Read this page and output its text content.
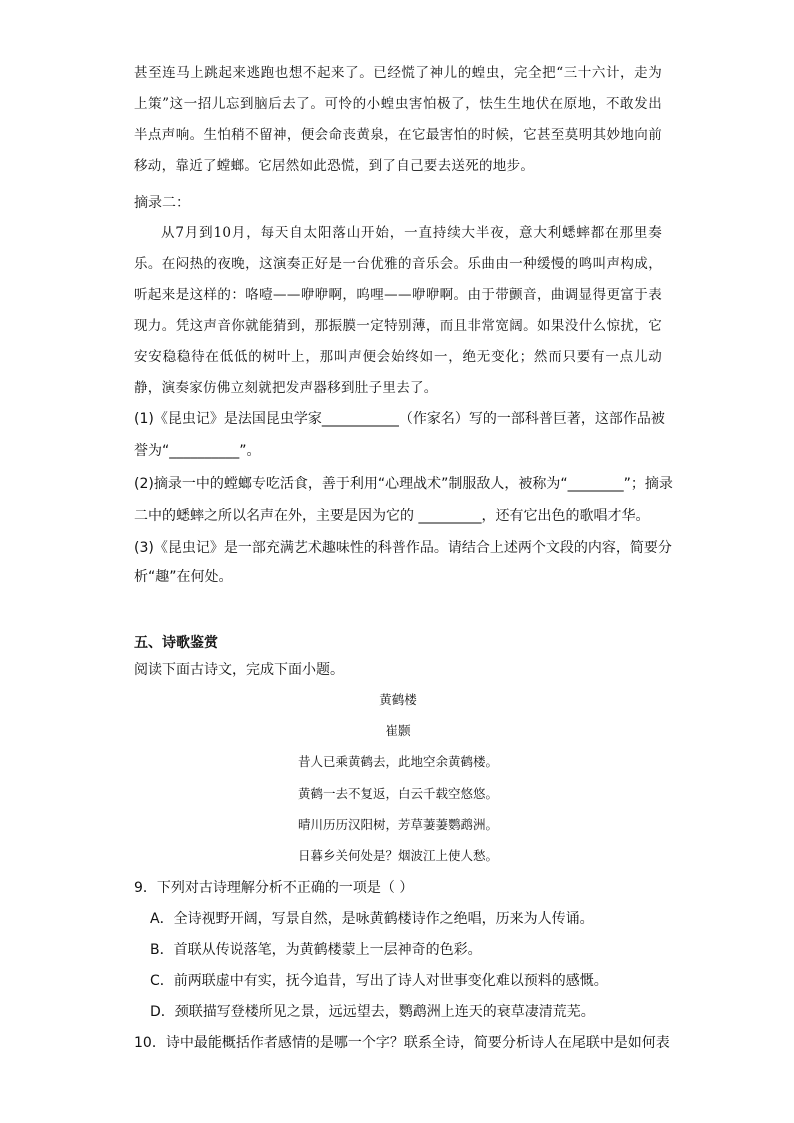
甚至连马上跳起来逃跑也想不起来了。已经慌了神儿的蝗虫，完全把“三十六计，走为上策”这一招儿忘到脑后去了。可怜的小蝗虫害怕极了，怯生生地伏在原地，不敢发出半点声响。生怕稍不留神，便会命丧黄泉，在它最害怕的时候，它甚至莫明其妙地向前移动，靠近了螳螂。它居然如此恐慌，到了自己要去送死的地步。
摘录二：
从7月到10月，每天自太阳落山开始，一直持续大半夜，意大利蟋蟀都在那里奏乐。在闷热的夜晚，这演奏正好是一台优雅的音乐会。乐曲由一种缓慢的鸣叫声构成，听起来是这样的：咯噎——咿咿啊，呜哩——咿咿啊。由于带颤音，曲调显得更富于表现力。凭这声音你就能猜到，那振膜一定特别薄，而且非常宽阔。如果没什么惊扰，它安安稳稳待在低低的树叶上，那叫声便会始终如一，绝无变化；然而只要有一点儿动静，演奏家仿佛立刻就把发声器移到肚子里去了。
(1)《昆虫记》是法国昆虫学家___________（作家名）写的一部科普巨著，这部作品被
誉为“__________”。
(2)摘录一中的螳螂专吃活食，善于利用“心理战术”制服敌人，被称为“________”；摘录
二中的蟋蟀之所以名声在外，主要是因为它的 _________，还有它出色的歌唱才华。
(3)《昆虫记》是一部充满艺术趣味性的科普作品。请结合上述两个文段的内容，简要分
析“趣”在何处。
五、诗歌鉴赏
阅读下面古诗文，完成下面小题。
黄鹤楼
崔颢
昔人已乘黄鹤去，此地空余黄鹤楼。
黄鹤一去不复返，白云千载空悠悠。
晴川历历汉阳树，芳草萋萋鹦鹉洲。
日暮乡关何处是？烟波江上使人愁。
9．下列对古诗理解分析不正确的一项是（ ）
A．全诗视野开阔，写景自然，是咏黄鹤楼诗作之绝唱，历来为人传诵。
B．首联从传说落笔，为黄鹤楼蒙上一层神奇的色彩。
C．前两联虚中有实，抚今追昔，写出了诗人对世事变化难以预料的感慨。
D．颈联描写登楼所见之景，远远望去，鹦鹉洲上连天的衰草凄清荒芜。
10．诗中最能概括作者感情的是哪一个字？联系全诗，简要分析诗人在尾联中是如何表
